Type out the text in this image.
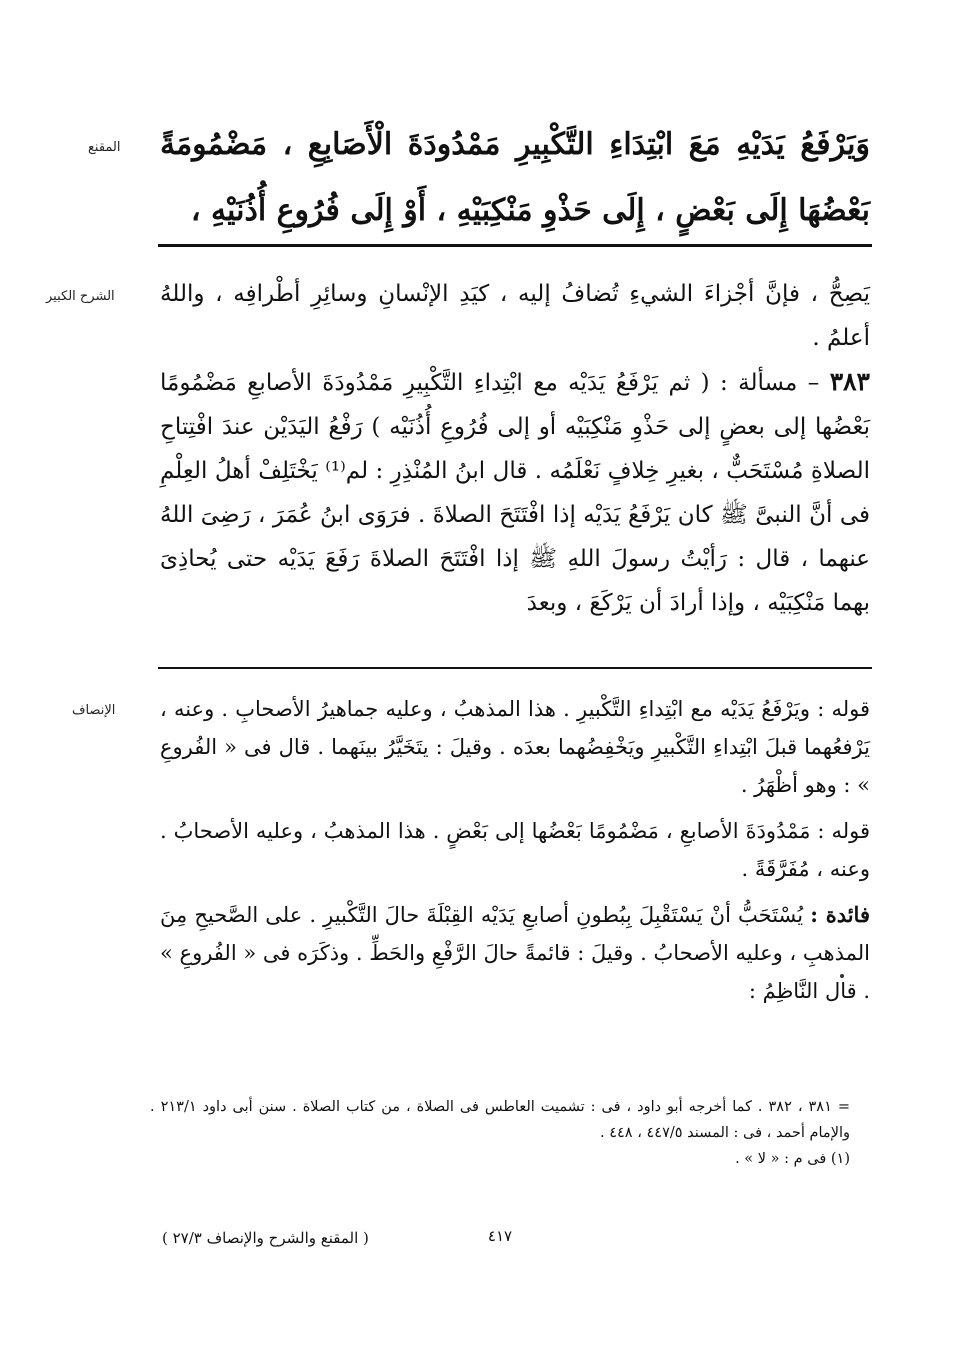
المقنع وَيَرْفَعُ يَدَيْهِ مَعَ ابْتِدَاءِ التَّكْبِيرِ مَمْدُودَةَ الْأَصَابِعِ ، مَضْمُومَةً بَعْضُهَا إِلَى بَعْضٍ ، إِلَى حَذْوِ مَنْكِبَيْهِ ، أَوْ إِلَى فُرُوعِ أُذُنَيْهِ ،
الشرح الكبير يَصِحُّ ، فإنَّ أجْزاءَ الشيءِ تُضافُ إليه ، كيَدِ الإنْسانِ وسائِرِ أطْرافِه ، واللهُ أعلمُ .

٣٨٣ – مسألة : ( ثم يَرْفَعُ يَدَيْه مع ابْتِداءِ التَّكْبِيرِ مَمْدُودَةَ الأصابعِ مَضْمُومًا بَعْضُها إلى بعضٍ إلى حَذْوِ مَنْكِبَيْه أو إلى فُرُوعِ أُذُنَيْه ) رَفْعُ اليَدَيْن عندَ افْتِتاحِ الصلاةِ مُسْتَحَبٌّ ، بغيرِ خِلافٍ نَعْلَمُه . قال ابنُ المُنْذِرِ : لم⁽¹⁾ يَخْتَلِفْ أهلُ العِلْمِ فى أنَّ النبىَّ ﷺ كان يَرْفَعُ يَدَيْه إذا افْتَتَحَ الصلاةَ . فرَوَى ابنُ عُمَرَ ، رَضِىَ اللهُ عنهما ، قال : رَأيْتُ رسولَ اللهِ ﷺ إذا افْتَتَحَ الصلاةَ رَفَعَ يَدَيْه حتى يُحاذِىَ بهما مَنْكِبَيْه ، وإذا أرادَ أن يَرْكَعَ ، وبعدَ

الإنصاف قوله : ويَرْفَعُ يَدَيْه مع ابْتِداءِ التَّكْبيرِ . هذا المذهبُ ، وعليه جماهيرُ الأصحابِ . وعنه ، يَرْفعُهما قبلَ ابْتِداءِ التَّكْبيرِ ويَخْفِضُهما بعدَه . وقيلَ : يتَخَيَّرُ بينَهما . قال فى « الفُروعِ » : وهو أظْهَرُ .

قوله : مَمْدُودَةَ الأصابعِ ، مَضْمُومًا بَعْضُها إلى بَعْضٍ . هذا المذهبُ ، وعليه الأصحابُ . وعنه ، مُفَرَّقَةً .

فائدة : يُسْتَحَبُّ أنْ يَسْتَقْبِلَ بِبُطونِ أصابعِ يَدَيْه القِبْلَةَ حالَ التَّكْبيرِ . على الصَّحيحِ مِنَ المذهبِ ، وعليه الأصحابُ . وقيلَ : قائمةً حالَ الرَّفْعِ والحَطِّ . وذكَرَه فى « الفُروعِ » . قال النَّاظِمُ :

= ٣٨١ ، ٣٨٢ . كما أخرجه أبو داود ، فى : تشميت العاطس فى الصلاة ، من كتاب الصلاة . سنن أبى داود ٢١٣/١ . والإمام أحمد ، فى : المسند ٤٤٧/٥ ، ٤٤٨ .
(١) فى م : « لا » .
٤١٧
( المقنع والشرح والإنصاف ٢٧/٣ )
